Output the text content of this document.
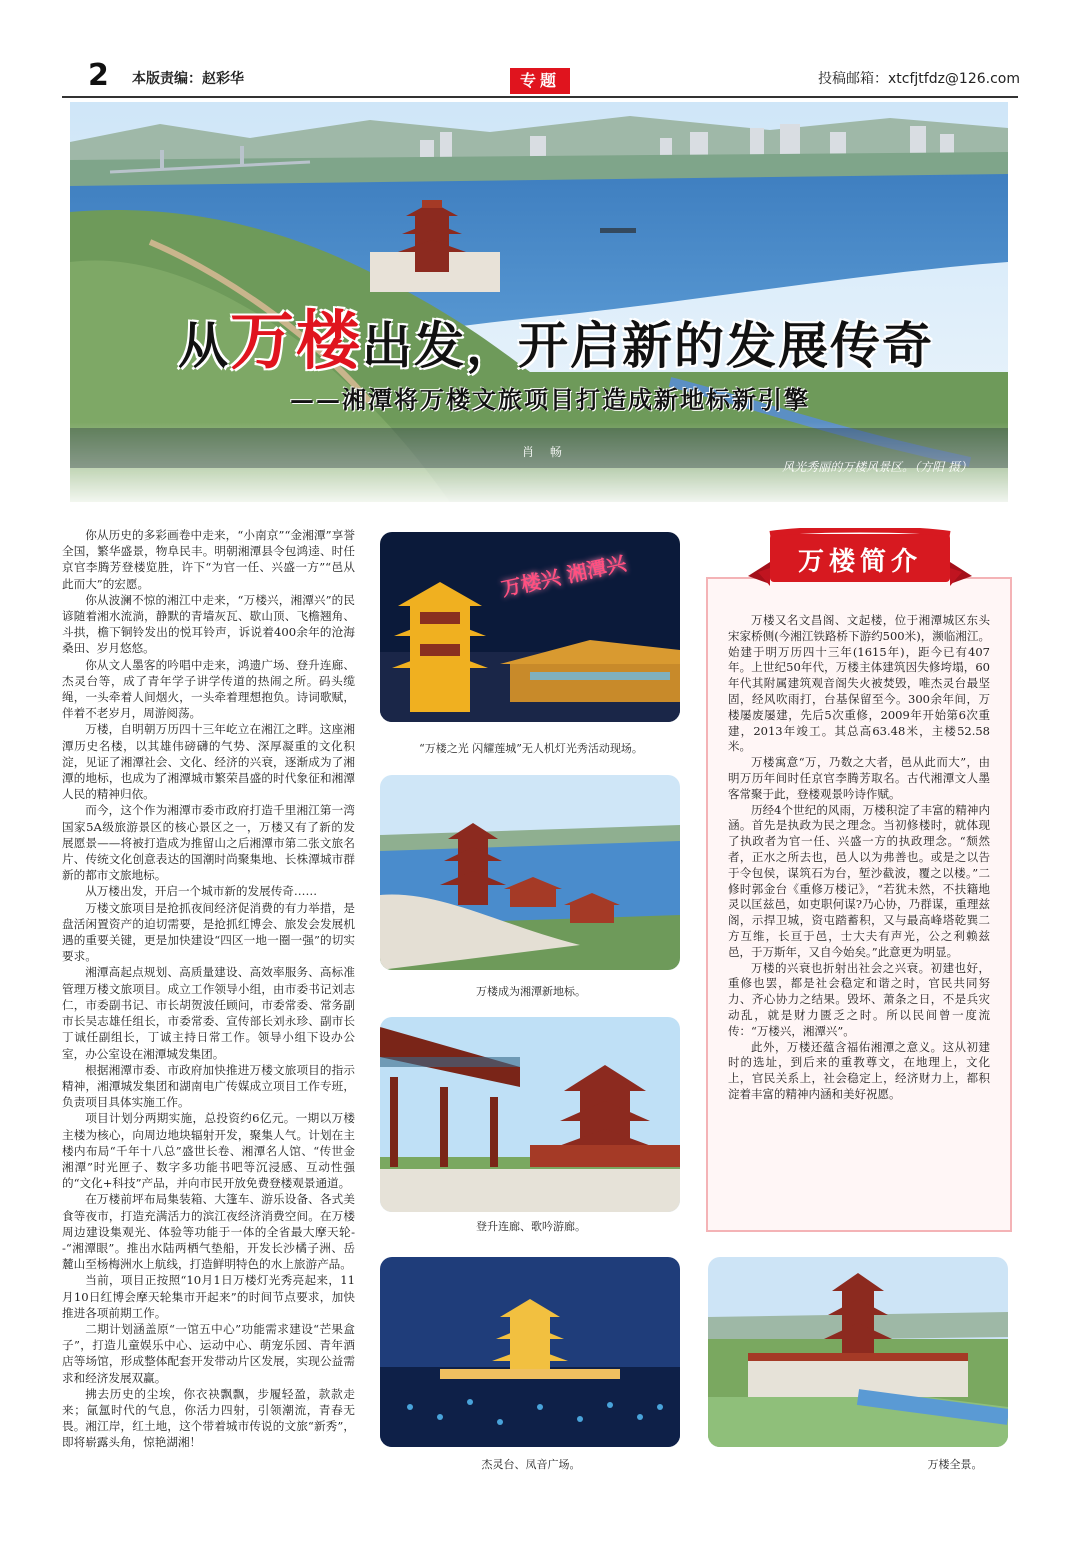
2 本版责编：赵彩华	专题	投稿邮箱：xtcfjtfdz@126.com
从万楼出发，开启新的发展传奇
——湘潭将万楼文旅项目打造成新地标新引擎
肖 畅
风光秀丽的万楼风景区。（方阳 摄）

你从历史的多彩画卷中走来，“小南京”“金湘潭”享誉全国，繁华盛景，物阜民丰。明朝湘潭县令包鸿逵、时任京官李腾芳登楼览胜，许下“为官一任、兴盛一方”“邑从此而大”的宏愿。

你从波澜不惊的湘江中走来，“万楼兴，湘潭兴”的民谚随着湘水流淌，静默的青墙灰瓦、歇山顶、飞檐翘角、斗拱，檐下铜铃发出的悦耳铃声，诉说着400余年的沧海桑田、岁月悠悠。

你从文人墨客的吟唱中走来，鸿遗广场、登升连廊、杰灵台等，成了青年学子讲学传道的热闹之所。码头缆绳，一头牵着人间烟火，一头牵着理想抱负。诗词歌赋，伴着不老岁月，周游阅荡。

万楼，自明朝万历四十三年屹立在湘江之畔。这座湘潭历史名楼，以其雄伟磅礴的气势、深厚凝重的文化积淀，见证了湘潭社会、文化、经济的兴衰，逐渐成为了湘潭的地标，也成为了湘潭城市繁荣昌盛的时代象征和湘潭人民的精神归依。

而今，这个作为湘潭市委市政府打造千里湘江第一湾国家5A级旅游景区的核心景区之一，万楼又有了新的发展愿景——将被打造成为推留山之后湘潭市第二张文旅名片、传统文化创意表达的国潮时尚聚集地、长株潭城市群新的都市文旅地标。

从万楼出发，开启一个城市新的发展传奇……

万楼文旅项目是抢抓夜间经济促消费的有力举措，是盘活闲置资产的迫切需要，是抢抓红博会、旅发会发展机遇的重要关键，更是加快建设“四区一地一圈一强”的切实要求。

湘潭高起点规划、高质量建设、高效率服务、高标准管理万楼文旅项目。成立工作领导小组，由市委书记刘志仁，市委副书记、市长胡贺波任顾问，市委常委、常务副市长吴志雄任组长，市委常委、宣传部长刘永珍、副市长丁诚任副组长，丁诚主持日常工作。领导小组下设办公室，办公室设在湘潭城发集团。

根据湘潭市委、市政府加快推进万楼文旅项目的指示精神，湘潭城发集团和湖南电广传媒成立项目工作专班，负责项目具体实施工作。

项目计划分两期实施，总投资约6亿元。一期以万楼主楼为核心，向周边地块辐射开发，聚集人气。计划在主楼内布局“千年十八总”盛世长卷、湘潭名人馆、“传世金湘潭”时光匣子、数字多功能书吧等沉浸感、互动性强的“文化+科技”产品，并向市民开放免费登楼观景通道。

在万楼前坪布局集装箱、大篷车、游乐设备、各式美食等夜市，打造充满活力的滨江夜经济消费空间。在万楼周边建设集观光、体验等功能于一体的全省最大摩天轮--“湘潭眼”。推出水陆两栖气垫船，开发长沙橘子洲、岳麓山至杨梅洲水上航线，打造鲜明特色的水上旅游产品。

当前，项目正按照“10月1日万楼灯光秀亮起来，11月10日红博会摩天轮集市开起来”的时间节点要求，加快推进各项前期工作。

二期计划涵盖原“一馆五中心”功能需求建设“芒果盒子”，打造儿童娱乐中心、运动中心、萌宠乐园、青年酒店等场馆，形成整体配套开发带动片区发展，实现公益需求和经济发展双赢。

拂去历史的尘埃，你衣袂飘飘，步履轻盈，款款走来；氤氲时代的气息，你活力四射，引领潮流，青春无畏。湘江岸，红土地，这个带着城市传说的文旅“新秀”，即将崭露头角，惊艳湖湘！

万楼兴 湘潭兴
“万楼之光 闪耀莲城”无人机灯光秀活动现场。
万楼成为湘潭新地标。
登升连廊、歌吟游廊。
杰灵台、凤音广场。	万楼全景。
万楼简介

万楼又名文昌阁、文起楼，位于湘潭城区东头宋家桥侧(今湘江铁路桥下游约500米)，濒临湘江。始建于明万历四十三年(1615年)，距今已有407年。上世纪50年代，万楼主体建筑因失修垮塌，60年代其附属建筑观音阁失火被焚毁，唯杰灵台最坚固，经风吹雨打，台基保留至今。300余年间，万楼屡废屡建，先后5次重修，2009年开始第6次重建，2013年竣工。其总高63.48米，主楼52.58米。

万楼寓意“万，乃数之大者，邑从此而大”，由明万历年间时任京官李腾芳取名。古代湘潭文人墨客常聚于此，登楼观景吟诗作赋。

历经4个世纪的风雨，万楼积淀了丰富的精神内涵。首先是执政为民之理念。当初修楼时，就体现了执政者为官一任、兴盛一方的执政理念。“颓然者，正水之所去也，邑人以为弗善也。或是之以告于令包侯，谋筑石为台，堑沙截波，覆之以楼。”二修时郭金台《重修万楼记》，“若犹未然，不扶籍地灵以匡兹邑，如吏职何谋?乃心协，乃群谋，重理兹阁，示捍卫城，资屯踏蓄积，又与最高峰塔乾巽二方互维，长亘于邑，士大夫有声光，公之利赖兹邑，于万斯年，又自今始矣。”此意更为明显。

万楼的兴衰也折射出社会之兴衰。初建也好，重修也罢，都是社会稳定和谐之时，官民共同努力、齐心协力之结果。毁坏、萧条之日，不是兵灾动乱，就是财力匮乏之时。所以民间曾一度流传：“万楼兴，湘潭兴”。

此外，万楼还蕴含福佑湘潭之意义。这从初建时的选址，到后来的重教尊文，在地理上，文化上，官民关系上，社会稳定上，经济财力上，都积淀着丰富的精神内涵和美好祝愿。
